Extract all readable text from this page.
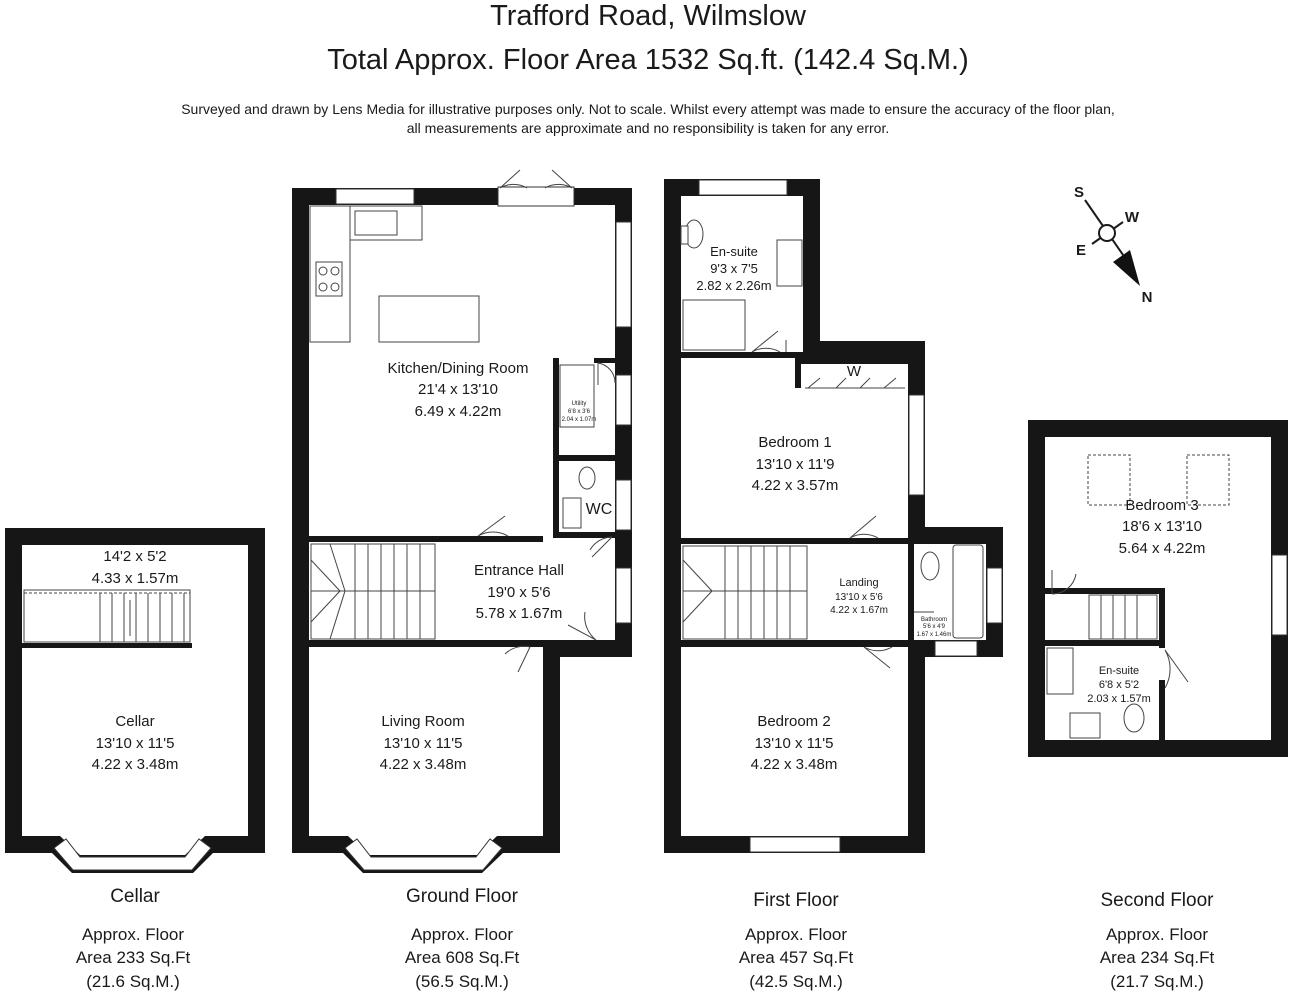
Trafford Road, Wilmslow
Total Approx. Floor Area 1532 Sq.ft. (142.4 Sq.M.)
Surveyed and drawn by Lens Media for illustrative purposes only. Not to scale. Whilst every attempt was made to ensure the accuracy of the floor plan,
all measurements are approximate and no responsibility is taken for any error.
14'2 x 5'2
4.33 x 1.57m
Cellar
13'10 x 11'5
4.22 x 3.48m
Cellar
Approx. Floor
Area 233 Sq.Ft
(21.6 Sq.M.)
Kitchen/Dining Room
21'4 x 13'10
6.49 x 4.22m	Utility
6'8 x 3'6
2.04 x 1.07m
WC
Entrance Hall
19'0 x 5'6
5.78 x 1.67m
Living Room
13'10 x 11'5
4.22 x 3.48m
Ground Floor
Approx. Floor
Area 608 Sq.Ft
(56.5 Sq.M.)
En-suite
9'3 x 7'5
2.82 x 2.26m
W
Bedroom 1
13'10 x 11'9
4.22 x 3.57m
Landing
13'10 x 5'6
4.22 x 1.67m
Bathroom
5'6 x 4'9
1.67 x 1.46m
Bedroom 2
13'10 x 11'5
4.22 x 3.48m
First Floor
Approx. Floor
Area 457 Sq.Ft
(42.5 Sq.M.)
Bedroom 3
18'6 x 13'10
5.64 x 4.22m
En-suite
6'8 x 5'2
2.03 x 1.57m
Second Floor
Approx. Floor
Area 234 Sq.Ft
(21.7 Sq.M.)
S
W
E
N
